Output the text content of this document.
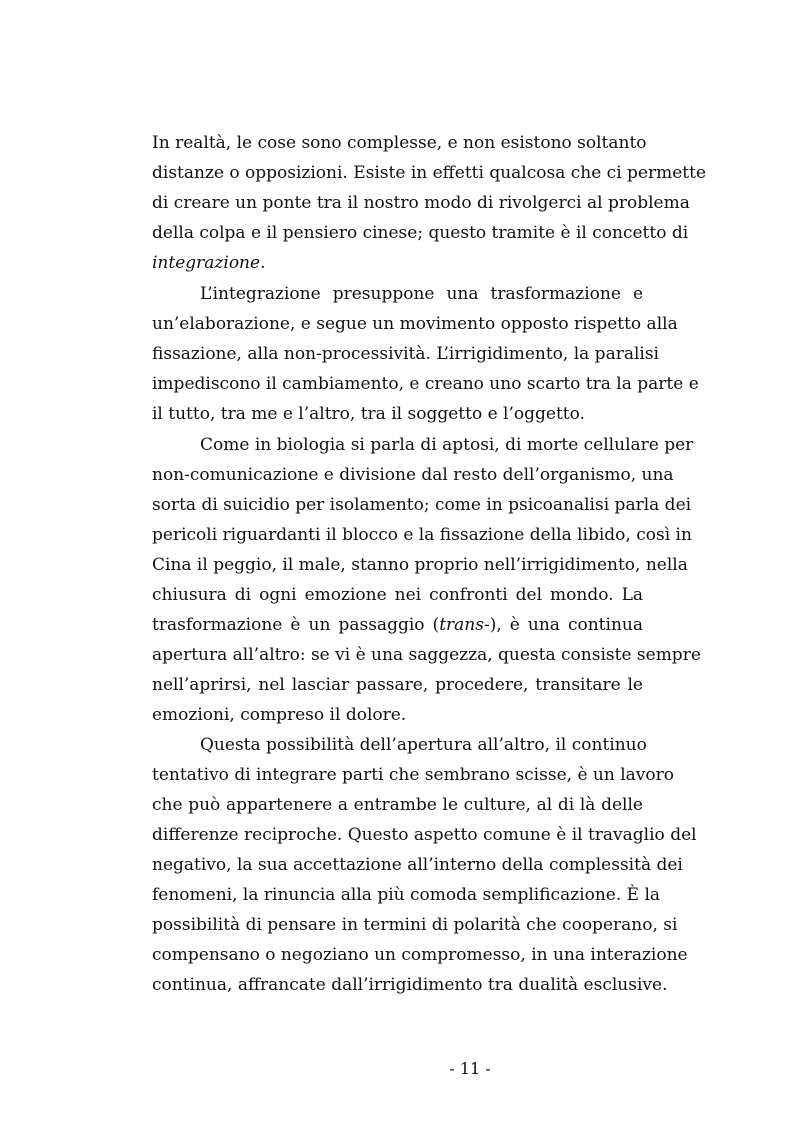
In realtà, le cose sono complesse, e non esistono soltanto

distanze o opposizioni. Esiste in effetti qualcosa che ci permette

di creare un ponte tra il nostro modo di rivolgerci al problema

della colpa e il pensiero cinese; questo tramite è il concetto di

integrazione.

L’integrazione presuppone una trasformazione e

un’elaborazione, e segue un movimento opposto rispetto alla

fissazione, alla non-processività. L’irrigidimento, la paralisi

impediscono il cambiamento, e creano uno scarto tra la parte e

il tutto, tra me e l’altro, tra il soggetto e l’oggetto.

Come in biologia si parla di aptosi, di morte cellulare per

non-comunicazione e divisione dal resto dell’organismo, una

sorta di suicidio per isolamento; come in psicoanalisi parla dei

pericoli riguardanti il blocco e la fissazione della libido, così in

Cina il peggio, il male, stanno proprio nell’irrigidimento, nella

chiusura di ogni emozione nei confronti del mondo. La

trasformazione è un passaggio (trans-), è una continua

apertura all’altro: se vi è una saggezza, questa consiste sempre

nell’aprirsi, nel lasciar passare, procedere, transitare le

emozioni, compreso il dolore.

Questa possibilità dell’apertura all’altro, il continuo

tentativo di integrare parti che sembrano scisse, è un lavoro

che può appartenere a entrambe le culture, al di là delle

differenze reciproche. Questo aspetto comune è il travaglio del

negativo, la sua accettazione all’interno della complessità dei

fenomeni, la rinuncia alla più comoda semplificazione. È la

possibilità di pensare in termini di polarità che cooperano, si

compensano o negoziano un compromesso, in una interazione

continua, affrancate dall’irrigidimento tra dualità esclusive.

- 11 -
